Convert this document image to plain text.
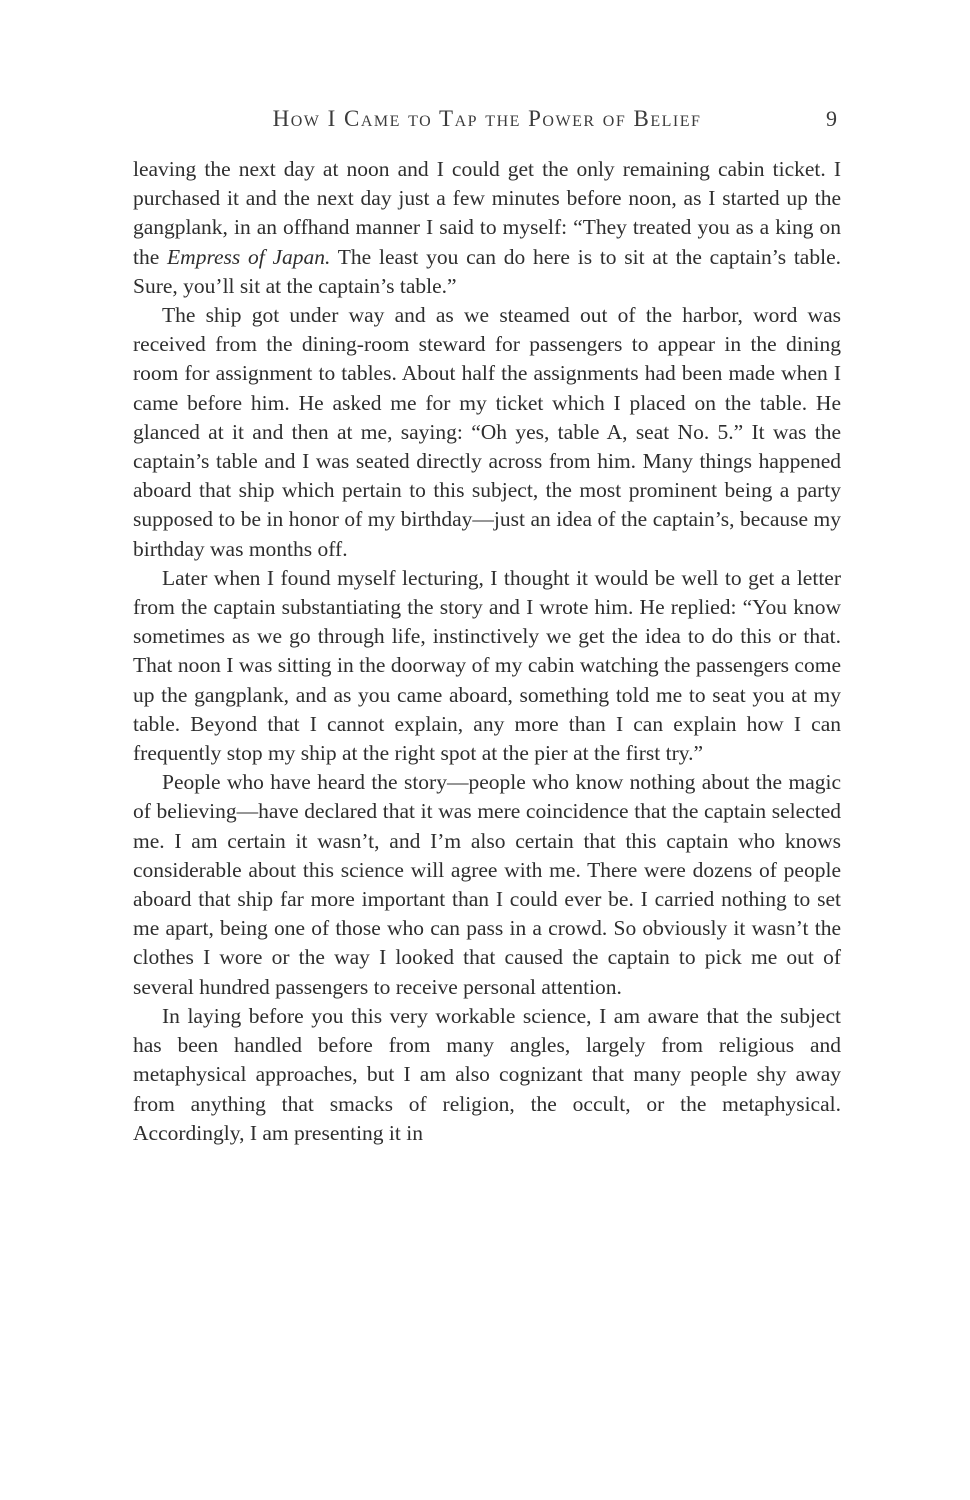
How I Came to Tap the Power of Belief	9

leaving the next day at noon and I could get the only remaining cabin ticket. I purchased it and the next day just a few minutes before noon, as I started up the gangplank, in an offhand manner I said to myself: “They treated you as a king on the Empress of Japan. The least you can do here is to sit at the captain’s table. Sure, you’ll sit at the captain’s table.”

The ship got under way and as we steamed out of the harbor, word was received from the dining-room steward for passengers to appear in the dining room for assignment to tables. About half the assignments had been made when I came before him. He asked me for my ticket which I placed on the table. He glanced at it and then at me, saying: “Oh yes, table A, seat No. 5.” It was the captain’s table and I was seated directly across from him. Many things happened aboard that ship which pertain to this subject, the most prominent being a party supposed to be in honor of my birthday—just an idea of the captain’s, because my birthday was months off.

Later when I found myself lecturing, I thought it would be well to get a letter from the captain substantiating the story and I wrote him. He replied: “You know sometimes as we go through life, instinctively we get the idea to do this or that. That noon I was sitting in the doorway of my cabin watching the passengers come up the gangplank, and as you came aboard, something told me to seat you at my table. Beyond that I cannot explain, any more than I can explain how I can frequently stop my ship at the right spot at the pier at the first try.”

People who have heard the story—people who know nothing about the magic of believing—have declared that it was mere coincidence that the captain selected me. I am certain it wasn’t, and I’m also certain that this captain who knows considerable about this science will agree with me. There were dozens of people aboard that ship far more important than I could ever be. I carried nothing to set me apart, being one of those who can pass in a crowd. So obviously it wasn’t the clothes I wore or the way I looked that caused the captain to pick me out of several hundred passengers to receive personal attention.

In laying before you this very workable science, I am aware that the subject has been handled before from many angles, largely from religious and metaphysical approaches, but I am also cognizant that many people shy away from anything that smacks of religion, the occult, or the metaphysical. Accordingly, I am presenting it in
